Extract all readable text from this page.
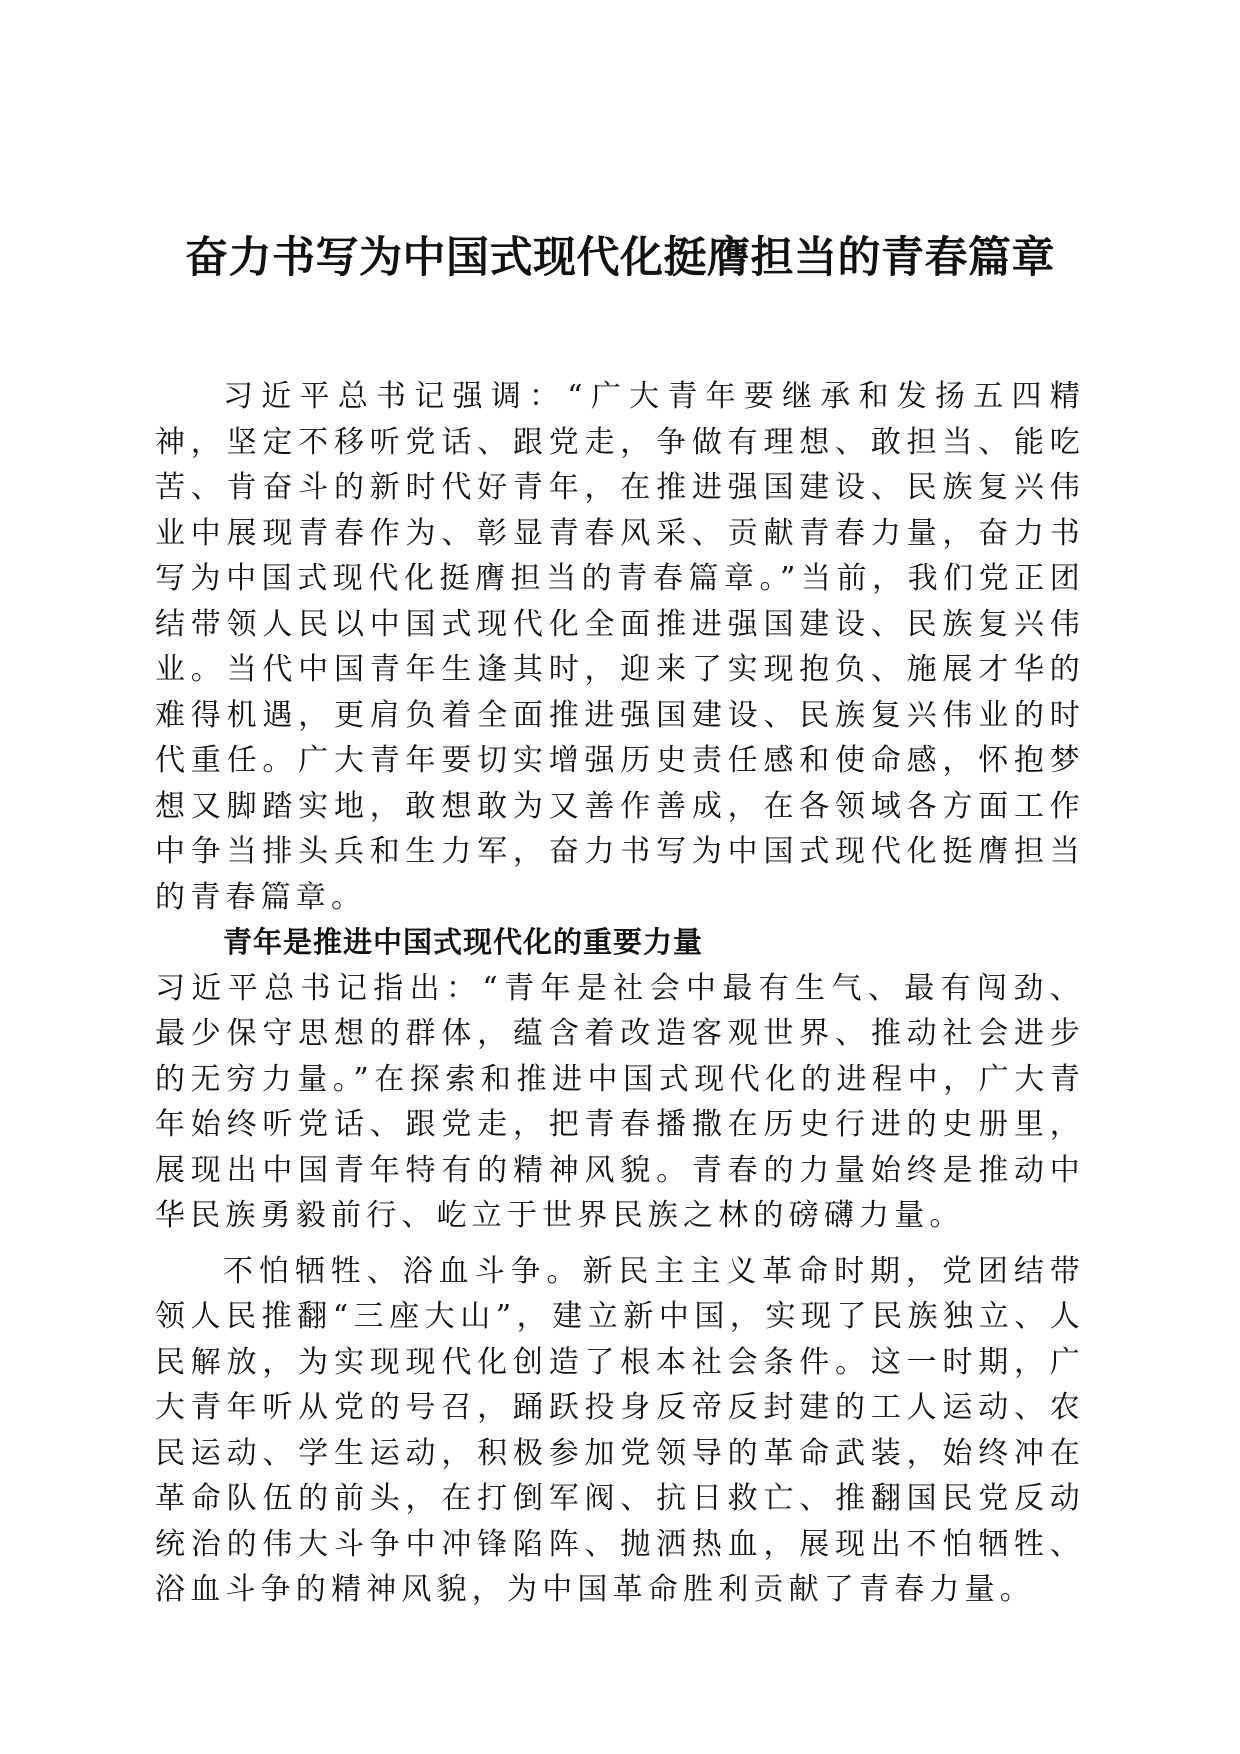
奋力书写为中国式现代化挺膺担当的青春篇章

习近平总书记强调：“广大青年要继承和发扬五四精神，坚定不移听党话、跟党走，争做有理想、敢担当、能吃苦、肯奋斗的新时代好青年，在推进强国建设、民族复兴伟业中展现青春作为、彰显青春风采、贡献青春力量，奋力书写为中国式现代化挺膺担当的青春篇章。”当前，我们党正团结带领人民以中国式现代化全面推进强国建设、民族复兴伟业。当代中国青年生逢其时，迎来了实现抱负、施展才华的难得机遇，更肩负着全面推进强国建设、民族复兴伟业的时代重任。广大青年要切实增强历史责任感和使命感，怀抱梦想又脚踏实地，敢想敢为又善作善成，在各领域各方面工作中争当排头兵和生力军，奋力书写为中国式现代化挺膺担当的青春篇章。

青年是推进中国式现代化的重要力量

习近平总书记指出：“青年是社会中最有生气、最有闯劲、最少保守思想的群体，蕴含着改造客观世界、推动社会进步的无穷力量。”在探索和推进中国式现代化的进程中，广大青年始终听党话、跟党走，把青春播撒在历史行进的史册里，展现出中国青年特有的精神风貌。青春的力量始终是推动中华民族勇毅前行、屹立于世界民族之林的磅礴力量。

不怕牺牲、浴血斗争。新民主主义革命时期，党团结带领人民推翻“三座大山”，建立新中国，实现了民族独立、人民解放，为实现现代化创造了根本社会条件。这一时期，广大青年听从党的号召，踊跃投身反帝反封建的工人运动、农民运动、学生运动，积极参加党领导的革命武装，始终冲在革命队伍的前头，在打倒军阀、抗日救亡、推翻国民党反动统治的伟大斗争中冲锋陷阵、抛洒热血，展现出不怕牺牲、浴血斗争的精神风貌，为中国革命胜利贡献了青春力量。
